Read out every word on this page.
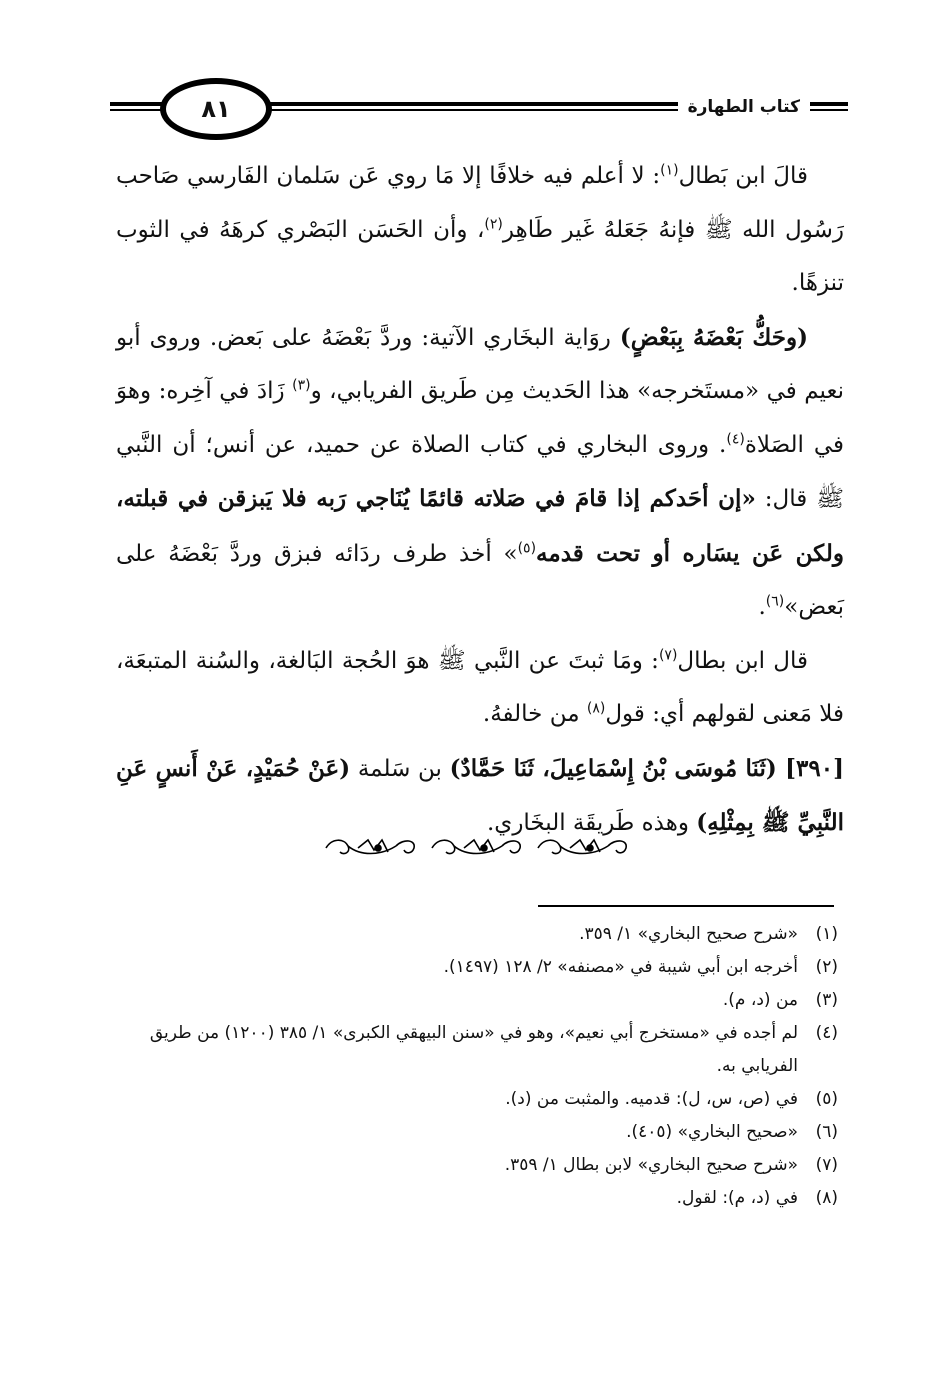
٨١	كتاب الطهارة

قالَ ابن بَطال$^{(١)}$: لا أعلم فيه خلافًا إلا مَا روي عَن سَلمان الفَارسي صَاحب رَسُول الله ﷺ فإنهُ جَعَلهُ غَير طَاهِر$^{(٢)}$، وأن الحَسَن البَصْري كرهَهُ في الثوب تنزهًا.

(وحَكُّ بَعْضَهُ بِبَعْضٍ) روَاية البخَاري الآتية: وردَّ بَعْضَهُ على بَعض. وروى أبو نعيم في «مستَخرجه» هذا الحَديث مِن طَريق الفريابي، و$^{(٣)}$ زَادَ في آخِره: وهوَ في الصَلاة$^{(٤)}$. وروى البخاري في كتاب الصلاة عن حميد، عن أنس؛ أن النَّبي ﷺ قال: «إن أحَدكم إذا قامَ في صَلاته قائمًا يُنَاجي رَبه فلا يَبزقن في قبلته، ولكن عَن يسَاره أو تحت قدمه$^{(٥)}$» أخذ طرف ردَائه فبزق وردَّ بَعْضَهُ على بَعض»$^{(٦)}$.

قال ابن بطال$^{(٧)}$: ومَا ثبتَ عن النَّبي ﷺ هوَ الحُجة البَالغة، والسُنة المتبعَة، فلا مَعنى لقولهم أي: قول$^{(٨)}$ من خالفهُ.

[٣٩٠] (ثَنَا مُوسَى بْنُ إِسْمَاعِيلَ، ثَنَا حَمَّادٌ) بن سَلمة (عَنْ حُمَيْدٍ، عَنْ أَنسٍ عَنِ النَّبِيِّ ﷺ بِمِثْلِهِ) وهذه طَريقَة البخَاري.

(١)
«شرح صحيح البخاري» ١/ ٣٥٩.
(٢)
أخرجه ابن أبي شيبة في «مصنفه» ٢/ ١٢٨ (١٤٩٧).
(٣)
من (د، م).
(٤)
لم أجده في «مستخرج أبي نعيم»، وهو في «سنن البيهقي الكبرى» ١/ ٣٨٥ (١٢٠٠) من طريق الفريابي به.
(٥)
في (ص، س، ل): قدميه. والمثبت من (د).
(٦)
«صحيح البخاري» (٤٠٥).
(٧)
«شرح صحيح البخاري» لابن بطال ١/ ٣٥٩.
(٨)
في (د، م): لقول.
